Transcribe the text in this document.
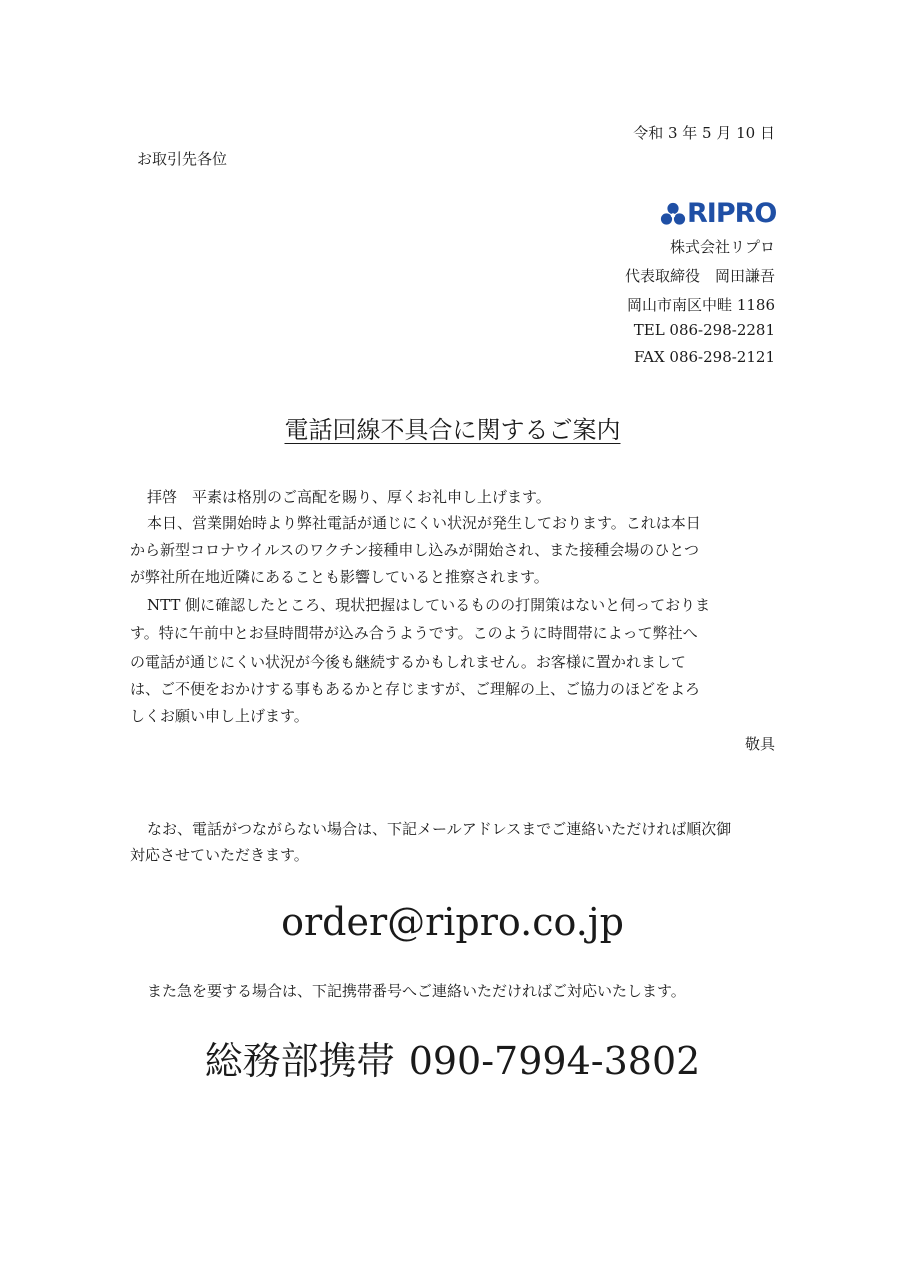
令和 3 年 5 月 10 日
お取引先各位
RIPRO
株式会社リプロ
代表取締役　岡田謙吾
岡山市南区中畦 1186
TEL 086-298-2281
FAX 086-298-2121
電話回線不具合に関するご案内
拝啓　平素は格別のご高配を賜り、厚くお礼申し上げます。
本日、営業開始時より弊社電話が通じにくい状況が発生しております。これは本日
から新型コロナウイルスのワクチン接種申し込みが開始され、また接種会場のひとつ
が弊社所在地近隣にあることも影響していると推察されます。
NTT 側に確認したところ、現状把握はしているものの打開策はないと伺っておりま
す。特に午前中とお昼時間帯が込み合うようです。このように時間帯によって弊社へ
の電話が通じにくい状況が今後も継続するかもしれません。お客様に置かれまして
は、ご不便をおかけする事もあるかと存じますが、ご理解の上、ご協力のほどをよろ
しくお願い申し上げます。
敬具
なお、電話がつながらない場合は、下記メールアドレスまでご連絡いただければ順次御
対応させていただきます。
order@ripro.co.jp
また急を要する場合は、下記携帯番号へご連絡いただければご対応いたします。
総務部携帯 090-7994-3802
